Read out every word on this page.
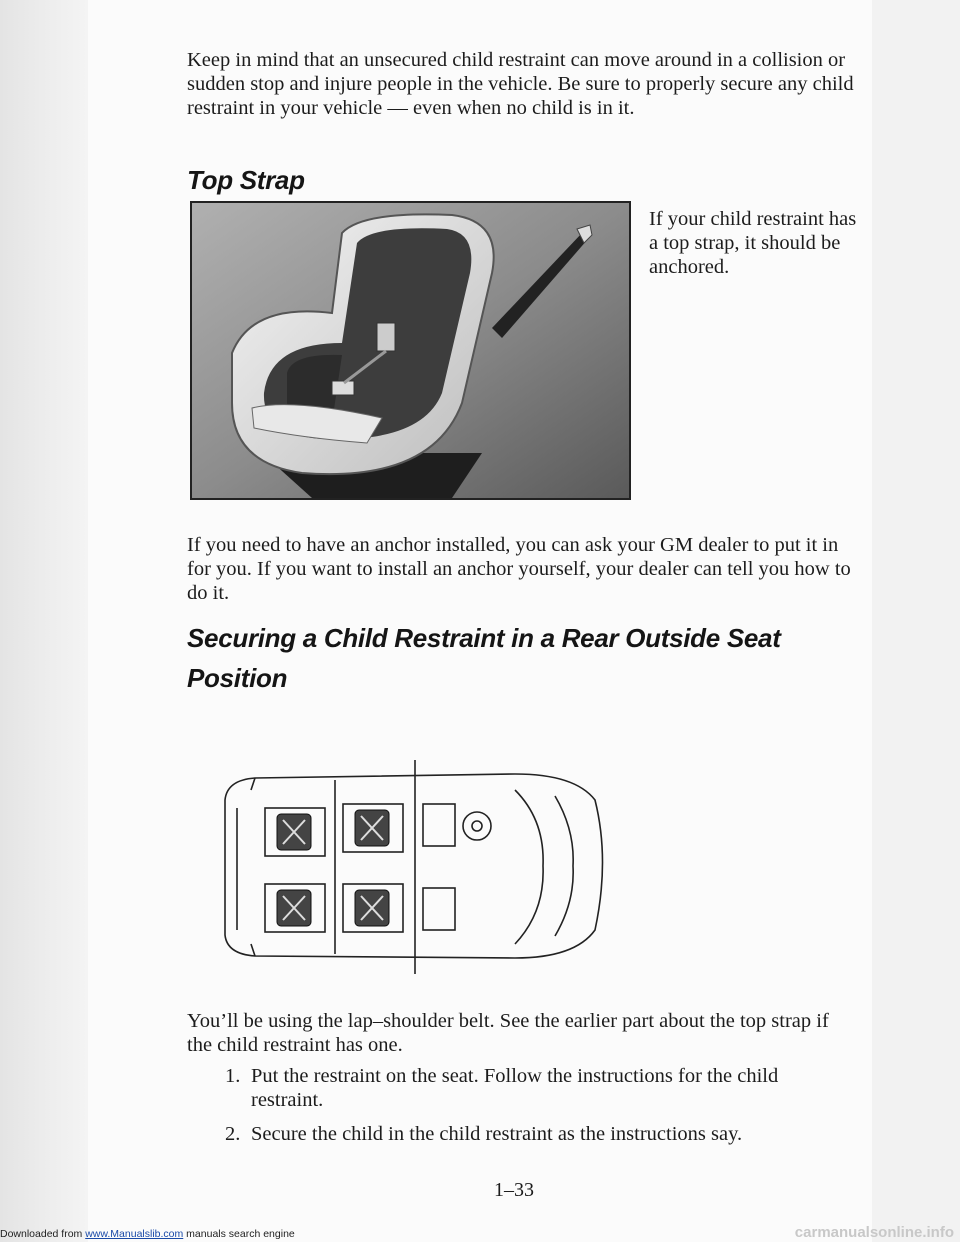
Keep in mind that an unsecured child restraint can move around in a collision or sudden stop and injure people in the vehicle. Be sure to properly secure any child restraint in your vehicle — even when no child is in it.
Top Strap
If your child restraint has a top strap, it should be anchored.
If you need to have an anchor installed, you can ask your GM dealer to put it in for you. If you want to install an anchor yourself, your dealer can tell you how to do it.
Securing a Child Restraint in a Rear Outside Seat Position
You’ll be using the lap–shoulder belt. See the earlier part about the top strap if the child restraint has one.
1. Put the restraint on the seat. Follow the instructions for the child restraint.
2. Secure the child in the child restraint as the instructions say.
1–33
Downloaded from www.Manualslib.com manuals search engine	carmanualsonline.info
